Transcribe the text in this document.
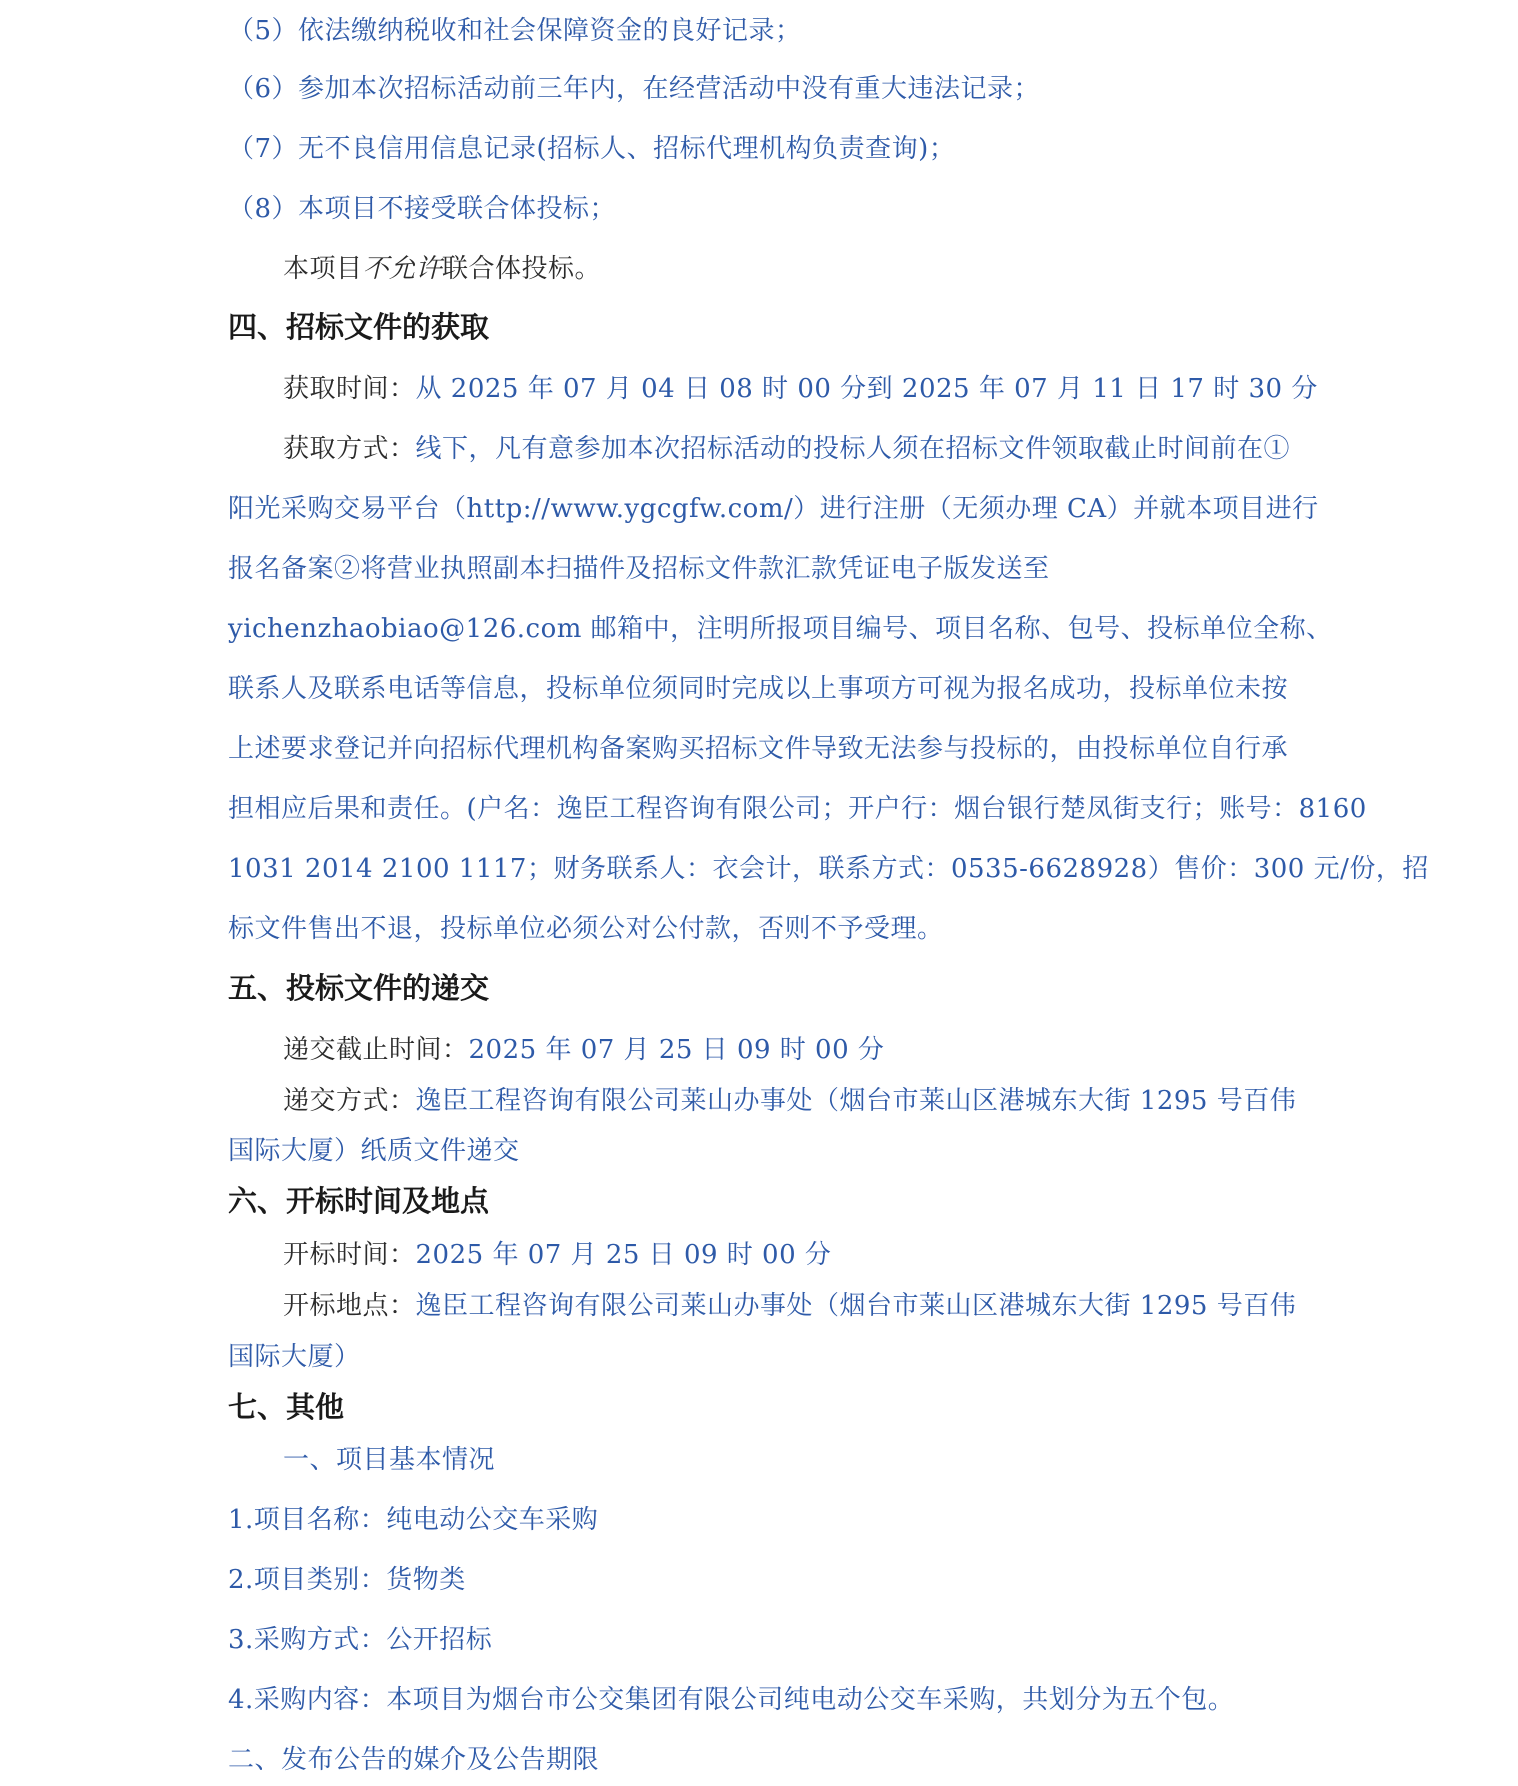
（5）依法缴纳税收和社会保障资金的良好记录；
（6）参加本次招标活动前三年内，在经营活动中没有重大违法记录；
（7）无不良信用信息记录(招标人、招标代理机构负责查询)；
（8）本项目不接受联合体投标；
本项目不允许联合体投标。
四、招标文件的获取
获取时间：从 2025 年 07 月 04 日 08 时 00 分到 2025 年 07 月 11 日 17 时 30 分
获取方式：线下，凡有意参加本次招标活动的投标人须在招标文件领取截止时间前在①
阳光采购交易平台（http://www.ygcgfw.com/）进行注册（无须办理 CA）并就本项目进行
报名备案②将营业执照副本扫描件及招标文件款汇款凭证电子版发送至
yichenzhaobiao@126.com 邮箱中，注明所报项目编号、项目名称、包号、投标单位全称、
联系人及联系电话等信息，投标单位须同时完成以上事项方可视为报名成功，投标单位未按
上述要求登记并向招标代理机构备案购买招标文件导致无法参与投标的，由投标单位自行承
担相应后果和责任。(户名：逸臣工程咨询有限公司；开户行：烟台银行楚凤街支行；账号：8160
1031 2014 2100 1117；财务联系人：衣会计，联系方式：0535-6628928）售价：300 元/份，招
标文件售出不退，投标单位必须公对公付款，否则不予受理。
五、投标文件的递交
递交截止时间：2025 年 07 月 25 日 09 时 00 分
递交方式：逸臣工程咨询有限公司莱山办事处（烟台市莱山区港城东大街 1295 号百伟
国际大厦）纸质文件递交
六、开标时间及地点
开标时间：2025 年 07 月 25 日 09 时 00 分
开标地点：逸臣工程咨询有限公司莱山办事处（烟台市莱山区港城东大街 1295 号百伟
国际大厦）
七、其他
一、项目基本情况
1.项目名称：纯电动公交车采购
2.项目类别：货物类
3.采购方式：公开招标
4.采购内容：本项目为烟台市公交集团有限公司纯电动公交车采购，共划分为五个包。
二、发布公告的媒介及公告期限
